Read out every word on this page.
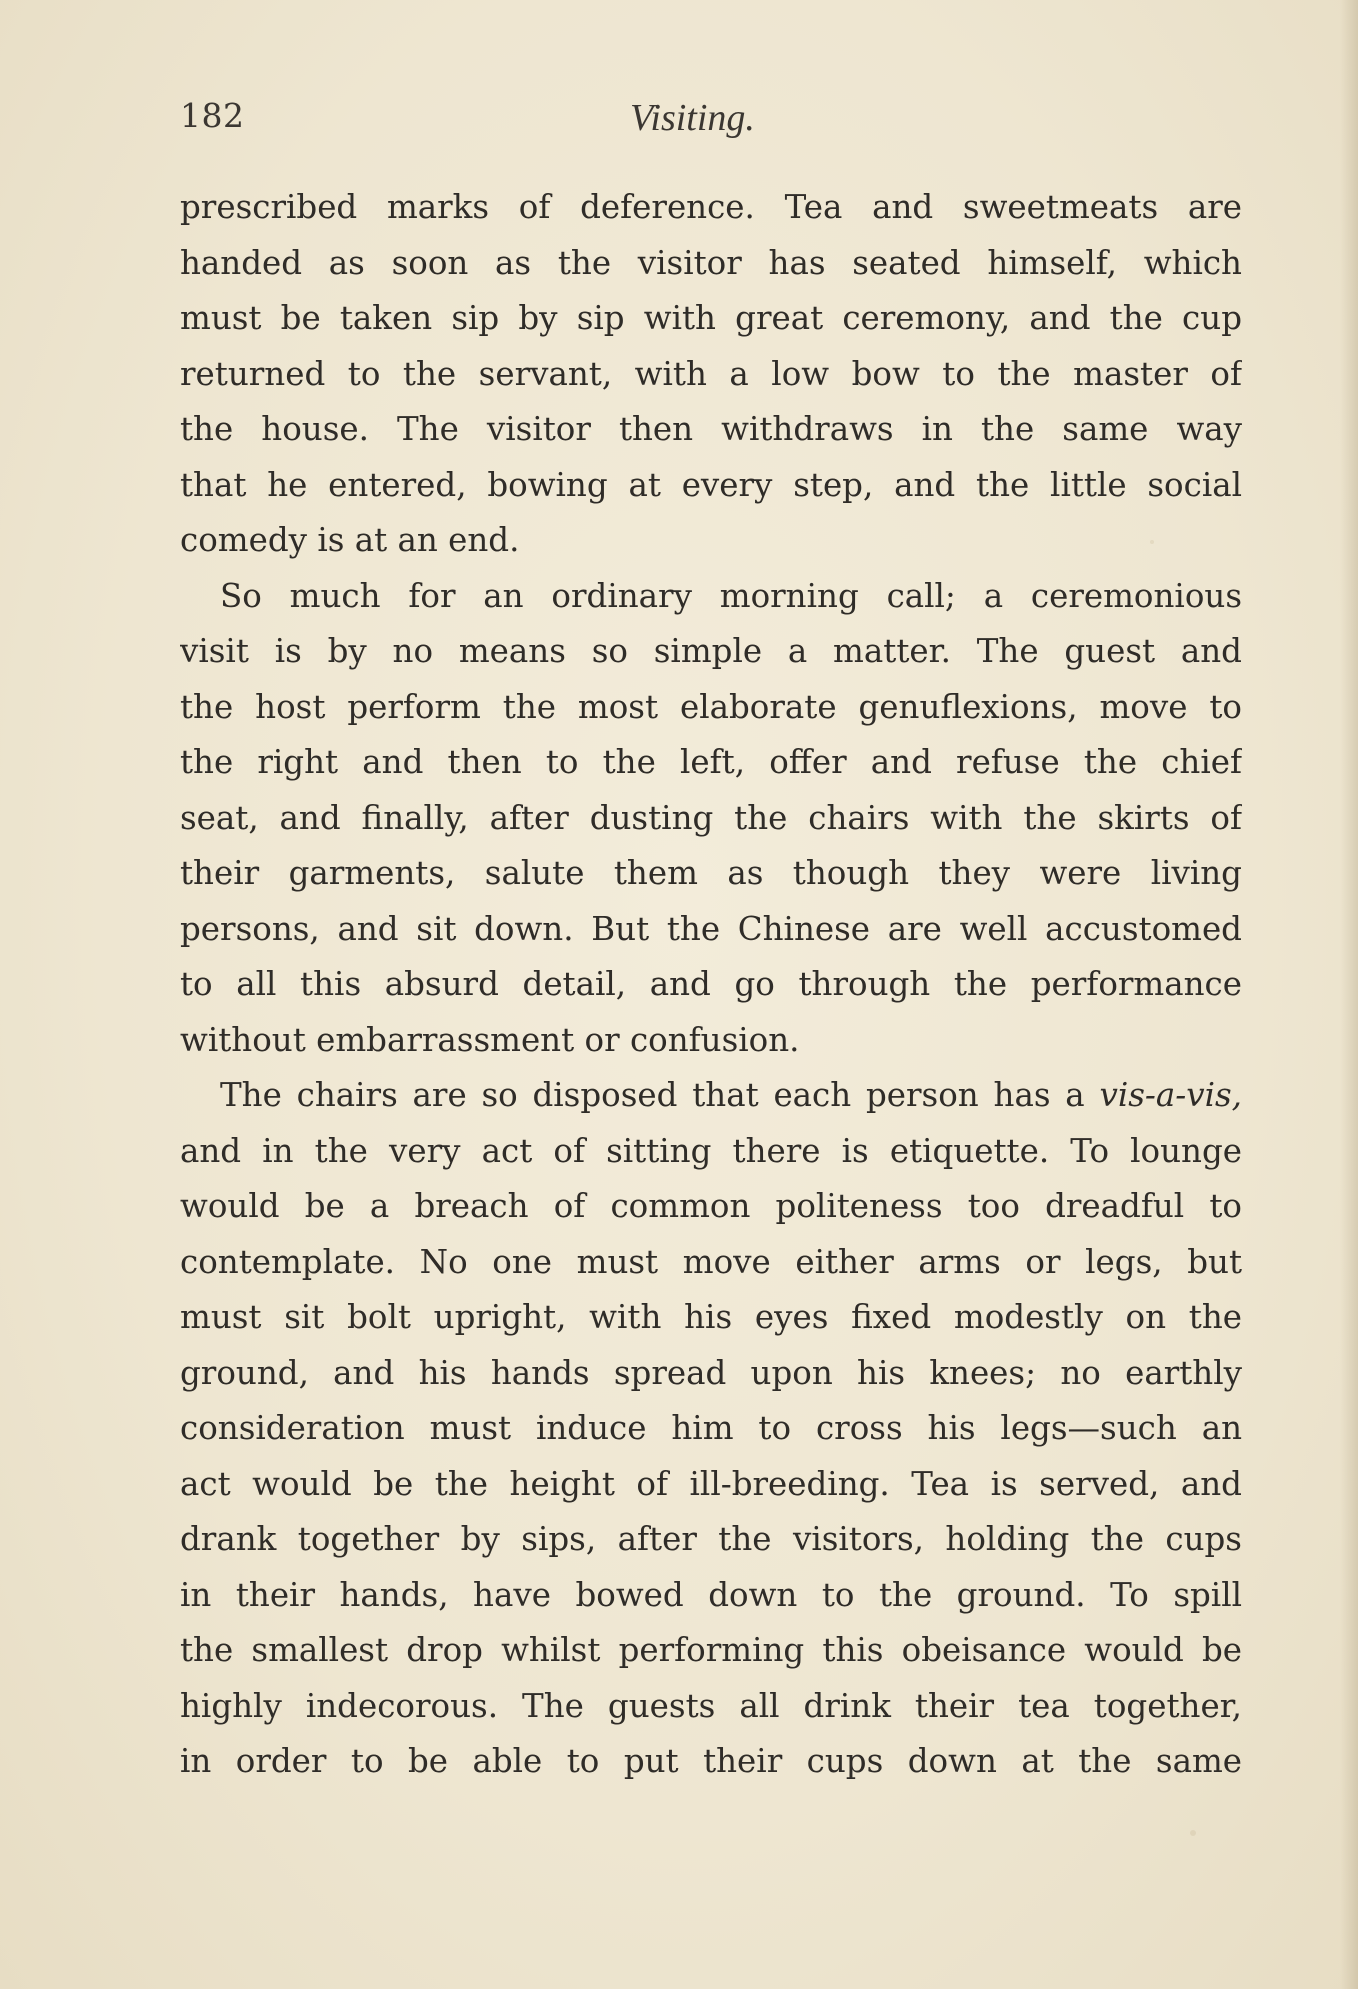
182	Visiting.
prescribed marks of deference. Tea and sweetmeats are
handed as soon as the visitor has seated himself, which
must be taken sip by sip with great ceremony, and the cup
returned to the servant, with a low bow to the master of
the house. The visitor then withdraws in the same way
that he entered, bowing at every step, and the little social
comedy is at an end.
So much for an ordinary morning call; a ceremonious
visit is by no means so simple a matter. The guest and
the host perform the most elaborate genuflexions, move to
the right and then to the left, offer and refuse the chief
seat, and finally, after dusting the chairs with the skirts of
their garments, salute them as though they were living
persons, and sit down. But the Chinese are well accustomed
to all this absurd detail, and go through the performance
without embarrassment or confusion.
The chairs are so disposed that each person has a vis-a-vis,
and in the very act of sitting there is etiquette. To lounge
would be a breach of common politeness too dreadful to
contemplate. No one must move either arms or legs, but
must sit bolt upright, with his eyes fixed modestly on the
ground, and his hands spread upon his knees; no earthly
consideration must induce him to cross his legs—such an
act would be the height of ill-breeding. Tea is served, and
drank together by sips, after the visitors, holding the cups
in their hands, have bowed down to the ground. To spill
the smallest drop whilst performing this obeisance would be
highly indecorous. The guests all drink their tea together,
in order to be able to put their cups down at the same
